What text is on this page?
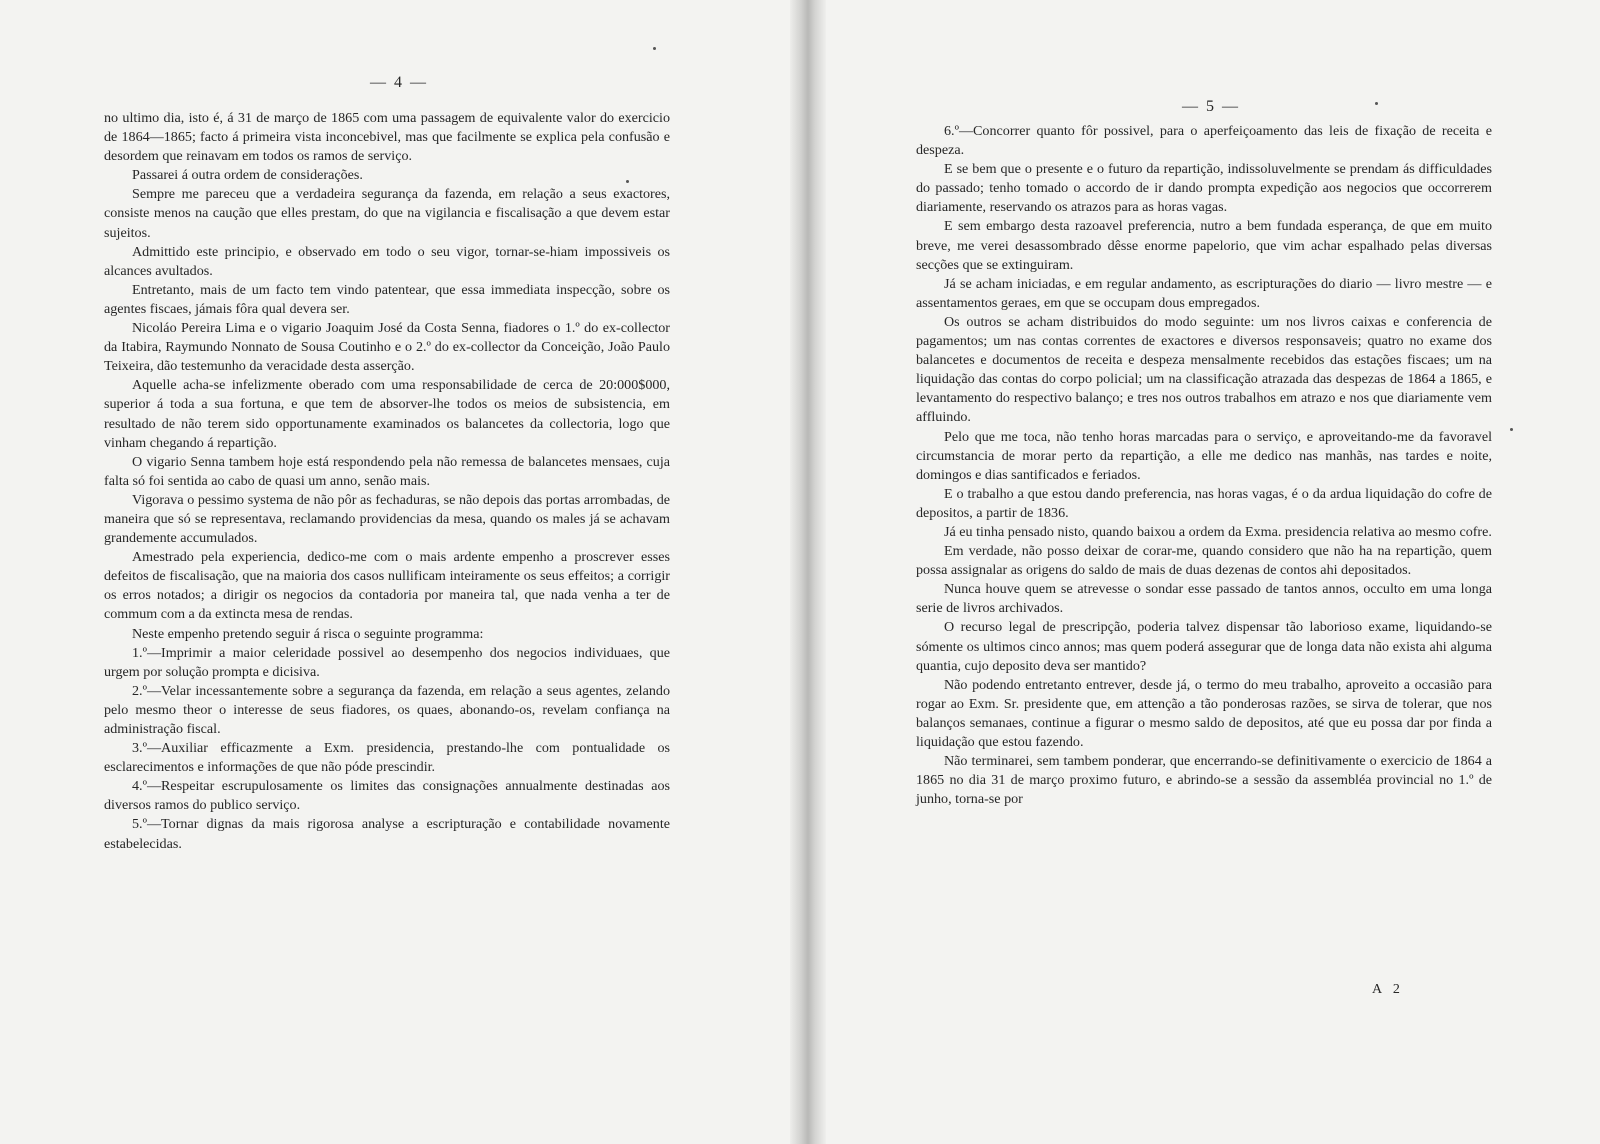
— 4 —

no ultimo dia, isto é, á 31 de março de 1865 com uma passagem de equivalente valor do exercicio de 1864—1865; facto á primeira vista inconcebivel, mas que facilmente se explica pela confusão e desordem que reinavam em todos os ramos de serviço.

Passarei á outra ordem de considerações.

Sempre me pareceu que a verdadeira segurança da fazenda, em relação a seus exactores, consiste menos na caução que elles prestam, do que na vigilancia e fiscalisação a que devem estar sujeitos.

Admittido este principio, e observado em todo o seu vigor, tornar-se-hiam impossiveis os alcances avultados.

Entretanto, mais de um facto tem vindo patentear, que essa immediata inspecção, sobre os agentes fiscaes, jámais fôra qual devera ser.

Nicoláo Pereira Lima e o vigario Joaquim José da Costa Senna, fiadores o 1.º do ex-collector da Itabira, Raymundo Nonnato de Sousa Coutinho e o 2.º do ex-collector da Conceição, João Paulo Teixeira, dão testemunho da veracidade desta asserção.

Aquelle acha-se infelizmente oberado com uma responsabilidade de cerca de 20:000$000, superior á toda a sua fortuna, e que tem de absorver-lhe todos os meios de subsistencia, em resultado de não terem sido opportunamente examinados os balancetes da collectoria, logo que vinham chegando á repartição.

O vigario Senna tambem hoje está respondendo pela não remessa de balancetes mensaes, cuja falta só foi sentida ao cabo de quasi um anno, senão mais.

Vigorava o pessimo systema de não pôr as fechaduras, se não depois das portas arrombadas, de maneira que só se representava, reclamando providencias da mesa, quando os males já se achavam grandemente accumulados.

Amestrado pela experiencia, dedico-me com o mais ardente empenho a proscrever esses defeitos de fiscalisação, que na maioria dos casos nullificam inteiramente os seus effeitos; a corrigir os erros notados; a dirigir os negocios da contadoria por maneira tal, que nada venha a ter de commum com a da extincta mesa de rendas.

Neste empenho pretendo seguir á risca o seguinte programma:

1.º—Imprimir a maior celeridade possivel ao desempenho dos negocios individuaes, que urgem por solução prompta e dicisiva.

2.º—Velar incessantemente sobre a segurança da fazenda, em relação a seus agentes, zelando pelo mesmo theor o interesse de seus fiadores, os quaes, abonando-os, revelam confiança na administração fiscal.

3.º—Auxiliar efficazmente a Exm. presidencia, prestando-lhe com pontualidade os esclarecimentos e informações de que não póde prescindir.

4.º—Respeitar escrupulosamente os limites das consignações annualmente destinadas aos diversos ramos do publico serviço.

5.º—Tornar dignas da mais rigorosa analyse a escripturação e contabilidade novamente estabelecidas.

— 5 —

6.º—Concorrer quanto fôr possivel, para o aperfeiçoamento das leis de fixação de receita e despeza.

E se bem que o presente e o futuro da repartição, indissoluvelmente se prendam ás difficuldades do passado; tenho tomado o accordo de ir dando prompta expedição aos negocios que occorrerem diariamente, reservando os atrazos para as horas vagas.

E sem embargo desta razoavel preferencia, nutro a bem fundada esperança, de que em muito breve, me verei desassombrado dêsse enorme papelorio, que vim achar espalhado pelas diversas secções que se extinguiram.

Já se acham iniciadas, e em regular andamento, as escripturações do diario — livro mestre — e assentamentos geraes, em que se occupam dous empregados.

Os outros se acham distribuidos do modo seguinte: um nos livros caixas e conferencia de pagamentos; um nas contas correntes de exactores e diversos responsaveis; quatro no exame dos balancetes e documentos de receita e despeza mensalmente recebidos das estações fiscaes; um na liquidação das contas do corpo policial; um na classificação atrazada das despezas de 1864 a 1865, e levantamento do respectivo balanço; e tres nos outros trabalhos em atrazo e nos que diariamente vem affluindo.

Pelo que me toca, não tenho horas marcadas para o serviço, e aproveitando-me da favoravel circumstancia de morar perto da repartição, a elle me dedico nas manhãs, nas tardes e noite, domingos e dias santificados e feriados.

E o trabalho a que estou dando preferencia, nas horas vagas, é o da ardua liquidação do cofre de depositos, a partir de 1836.

Já eu tinha pensado nisto, quando baixou a ordem da Exma. presidencia relativa ao mesmo cofre.

Em verdade, não posso deixar de corar-me, quando considero que não ha na repartição, quem possa assignalar as origens do saldo de mais de duas dezenas de contos ahi depositados.

Nunca houve quem se atrevesse o sondar esse passado de tantos annos, occulto em uma longa serie de livros archivados.

O recurso legal de prescripção, poderia talvez dispensar tão laborioso exame, liquidando-se sómente os ultimos cinco annos; mas quem poderá assegurar que de longa data não exista ahi alguma quantia, cujo deposito deva ser mantido?

Não podendo entretanto entrever, desde já, o termo do meu trabalho, aproveito a occasião para rogar ao Exm. Sr. presidente que, em attenção a tão ponderosas razões, se sirva de tolerar, que nos balanços semanaes, continue a figurar o mesmo saldo de depositos, até que eu possa dar por finda a liquidação que estou fazendo.

Não terminarei, sem tambem ponderar, que encerrando-se definitivamente o exercicio de 1864 a 1865 no dia 31 de março proximo futuro, e abrindo-se a sessão da assembléa provincial no 1.º de junho, torna-se por

A 2
